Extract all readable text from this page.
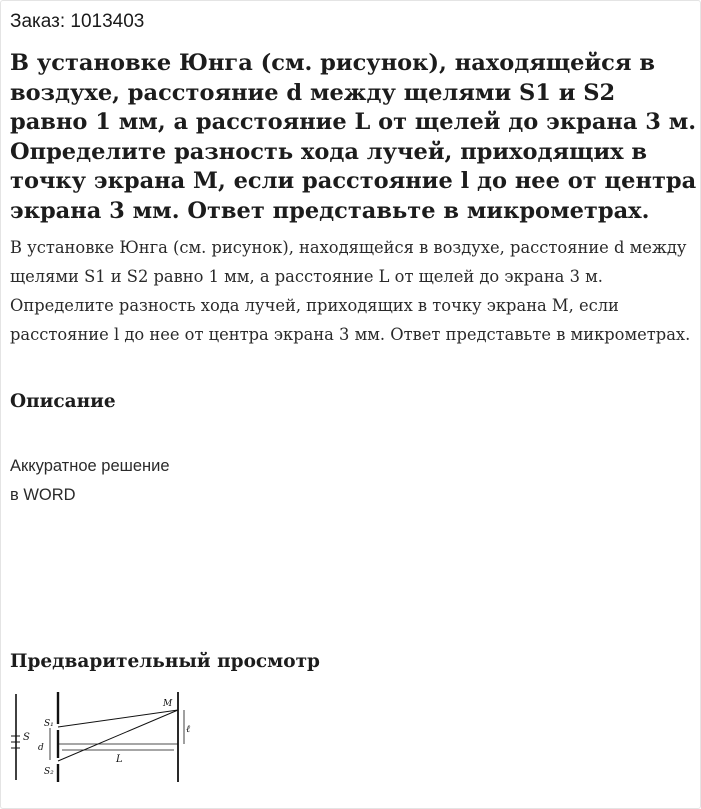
Заказ: 1013403
В установке Юнга (см. рисунок), находящейся в воздухе, расстояние d между щелями S1 и S2 равно 1 мм, а расстояние L от щелей до экрана 3 м. Определите разность хода лучей, приходящих в точку экрана М, если расстояние l до нее от центра экрана 3 мм. Ответ представьте в микрометрах.

В установке Юнга (см. рисунок), находящейся в воздухе, расстояние d между щелями S1 и S2 равно 1 мм, а расстояние L от щелей до экрана 3 м. Определите разность хода лучей, приходящих в точку экрана М, если расстояние l до нее от центра экрана 3 мм. Ответ представьте в микрометрах.

Описание
Аккуратное решение
в WORD
Предварительный просмотр
S
S₁
S₂
d
M
ℓ
L
